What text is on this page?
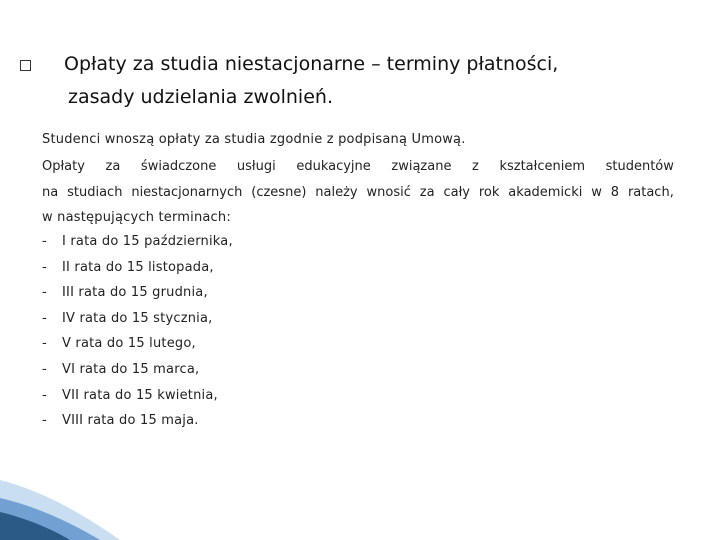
Opłaty za studia niestacjonarne – terminy płatności,
zasady udzielania zwolnień.
Studenci wnoszą opłaty za studia zgodnie z podpisaną Umową.
Opłaty za świadczone usługi edukacyjne związane z kształceniem studentów
na studiach niestacjonarnych (czesne) należy wnosić za cały rok akademicki w 8 ratach,
w następujących terminach:
- I rata do 15 października,
- II rata do 15 listopada,
- III rata do 15 grudnia,
- IV rata do 15 stycznia,
- V rata do 15 lutego,
- VI rata do 15 marca,
- VII rata do 15 kwietnia,
- VIII rata do 15 maja.
